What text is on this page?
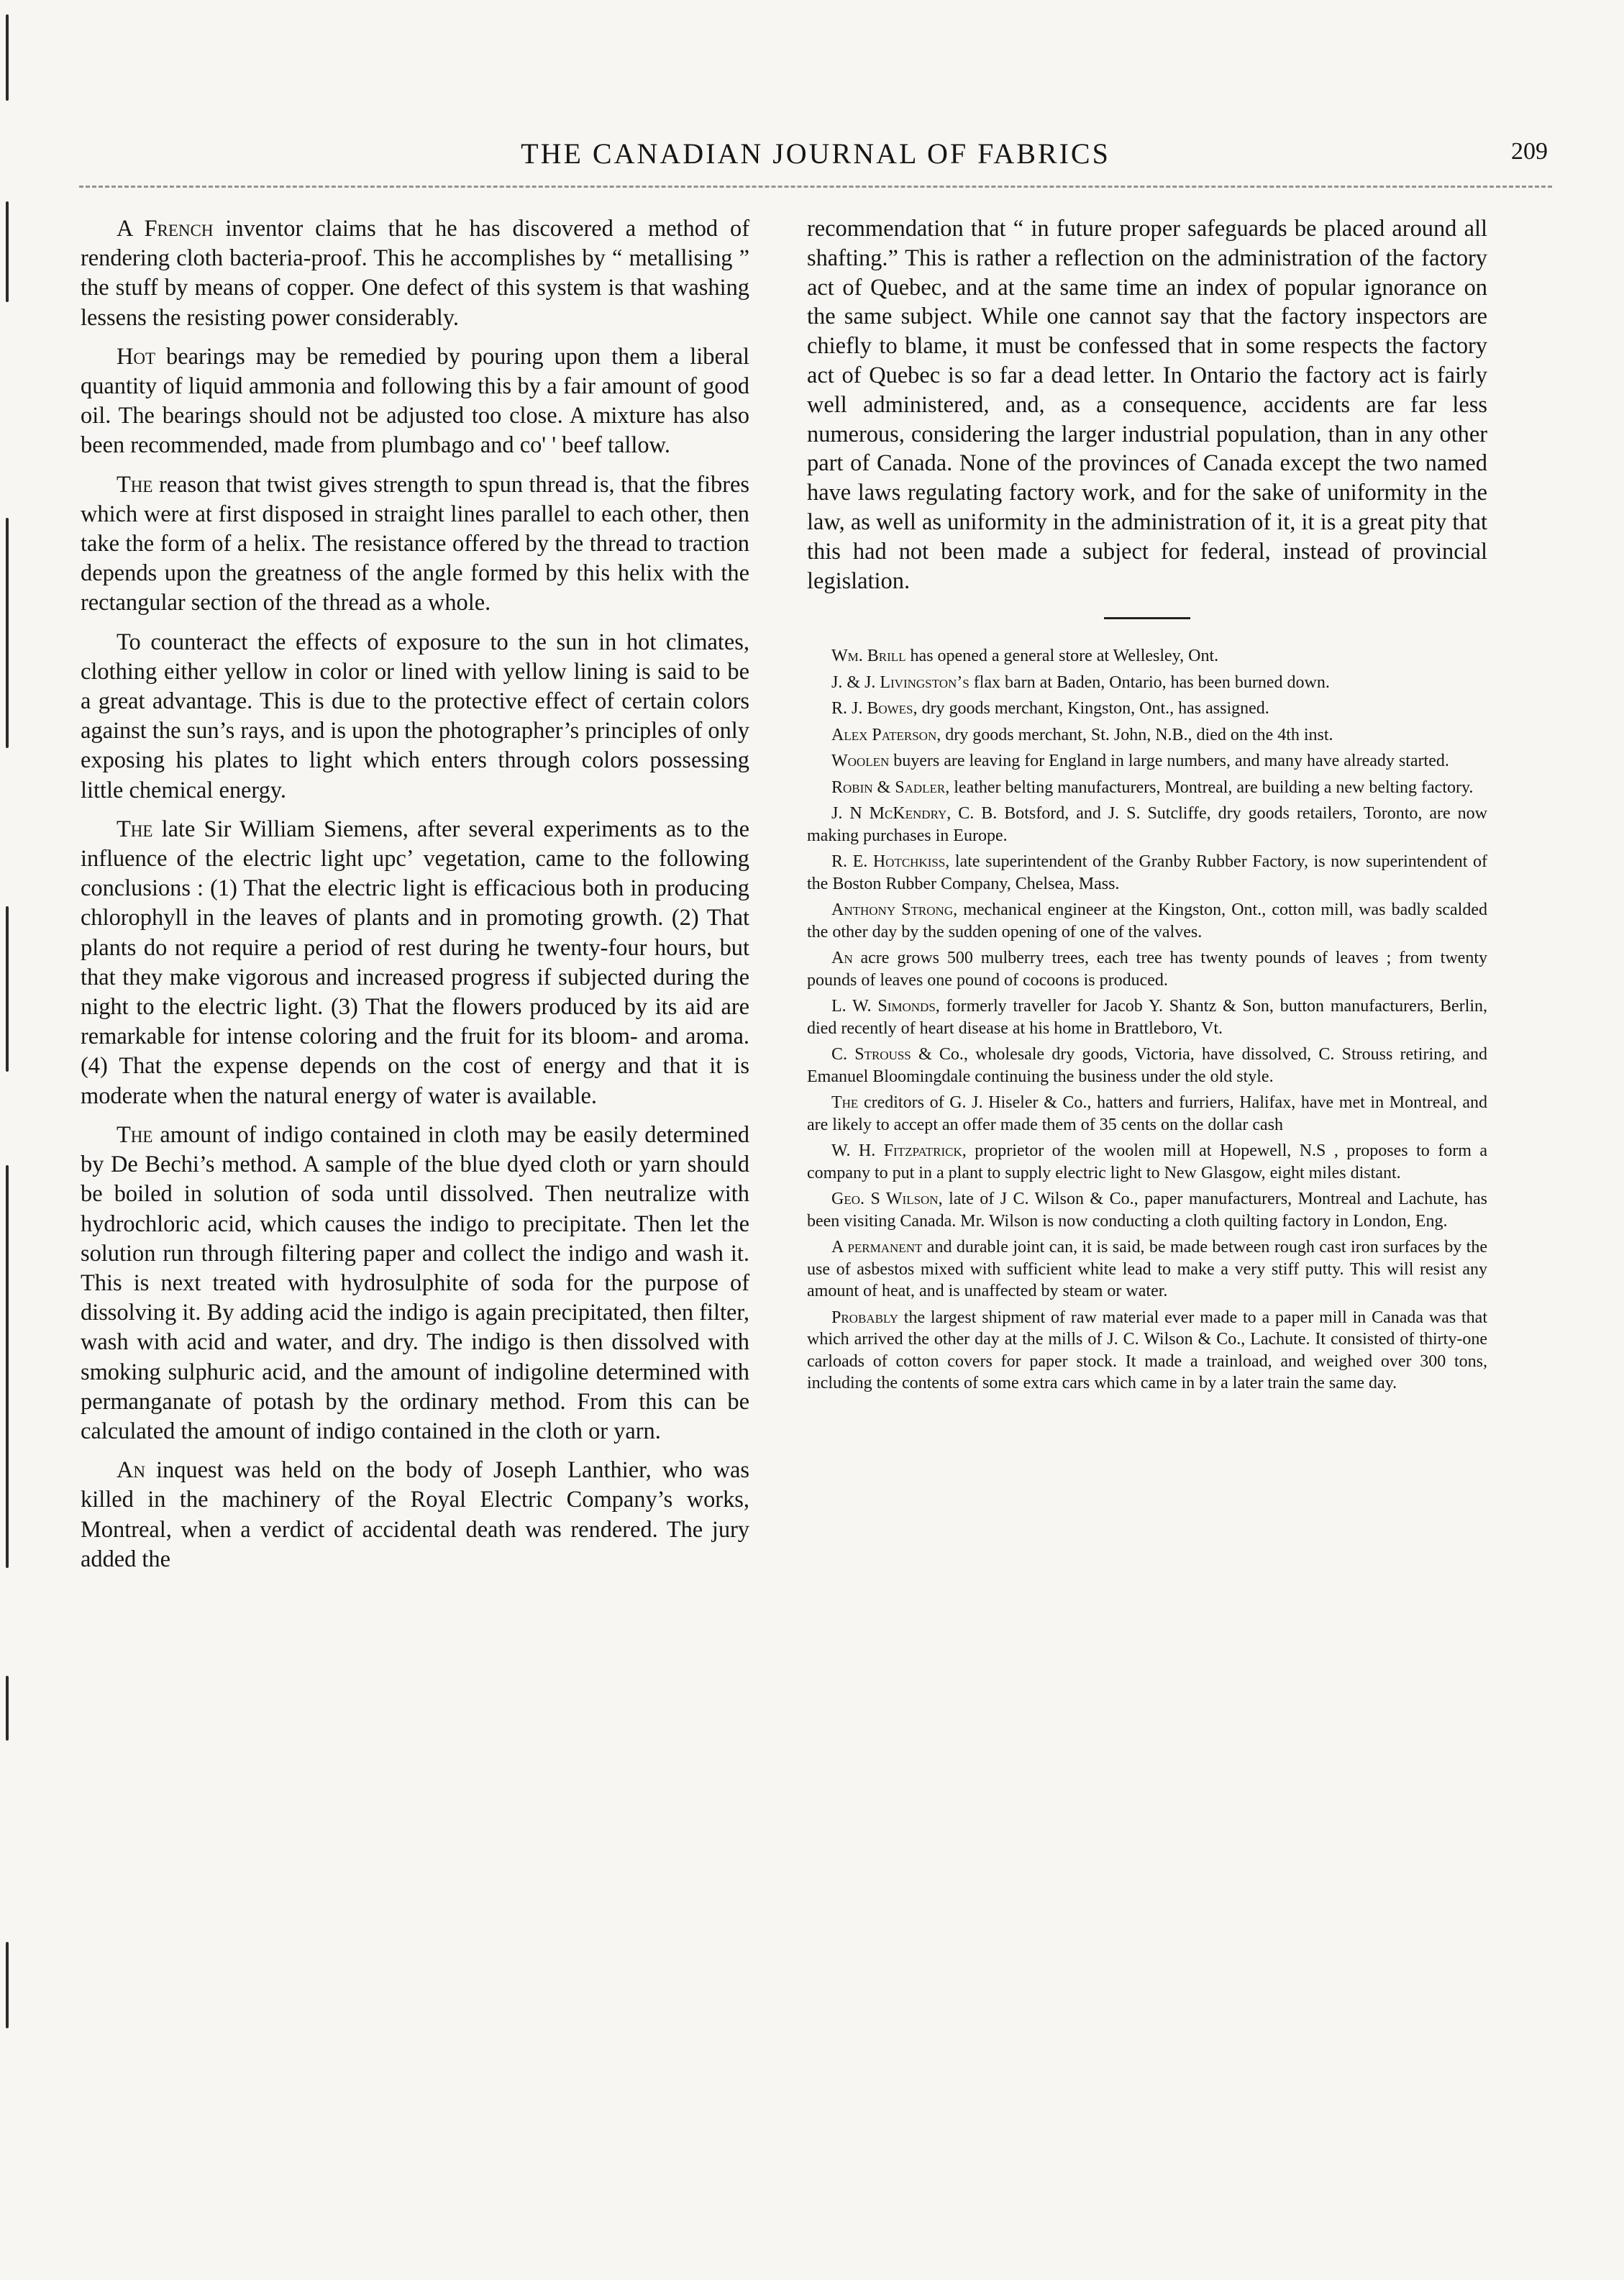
THE CANADIAN JOURNAL OF FABRICS	209

A French inventor claims that he has discovered a method of rendering cloth bacteria-proof. This he accomplishes by “ metallising ” the stuff by means of copper. One defect of this system is that washing lessens the resisting power considerably.

Hot bearings may be remedied by pouring upon them a liberal quantity of liquid ammonia and following this by a fair amount of good oil. The bearings should not be adjusted too close. A mixture has also been recommended, made from plumbago and co' ' beef tallow.

The reason that twist gives strength to spun thread is, that the fibres which were at first disposed in straight lines parallel to each other, then take the form of a helix. The resistance offered by the thread to traction depends upon the greatness of the angle formed by this helix with the rectangular section of the thread as a whole.

To counteract the effects of exposure to the sun in hot climates, clothing either yellow in color or lined with yellow lining is said to be a great advantage. This is due to the protective effect of certain colors against the sun’s rays, and is upon the photographer’s principles of only exposing his plates to light which enters through colors possessing little chemical energy.

The late Sir William Siemens, after several experiments as to the influence of the electric light upcʼ vegetation, came to the following conclusions : (1) That the electric light is efficacious both in producing chlorophyll in the leaves of plants and in promoting growth. (2) That plants do not require a period of rest during he twenty-four hours, but that they make vigorous and increased progress if subjected during the night to the electric light. (3) That the flowers produced by its aid are remarkable for intense coloring and the fruit for its bloom- and aroma. (4) That the expense depends on the cost of energy and that it is moderate when the natural energy of water is available.

The amount of indigo contained in cloth may be easily determined by De Bechi’s method. A sample of the blue dyed cloth or yarn should be boiled in solution of soda until dissolved. Then neutralize with hydrochloric acid, which causes the indigo to precipitate. Then let the solution run through filtering paper and collect the indigo and wash it. This is next treated with hydrosulphite of soda for the purpose of dissolving it. By adding acid the indigo is again precipitated, then filter, wash with acid and water, and dry. The indigo is then dissolved with smoking sulphuric acid, and the amount of indigoline determined with permanganate of potash by the ordinary method. From this can be calculated the amount of indigo contained in the cloth or yarn.

An inquest was held on the body of Joseph Lanthier, who was killed in the machinery of the Royal Electric Company’s works, Montreal, when a verdict of accidental death was rendered. The jury added the

recommendation that “ in future proper safeguards be placed around all shafting.” This is rather a reflection on the administration of the factory act of Quebec, and at the same time an index of popular ignorance on the same subject. While one cannot say that the factory inspectors are chiefly to blame, it must be confessed that in some respects the factory act of Quebec is so far a dead letter. In Ontario the factory act is fairly well administered, and, as a consequence, accidents are far less numerous, considering the larger industrial population, than in any other part of Canada. None of the provinces of Canada except the two named have laws regulating factory work, and for the sake of uniformity in the law, as well as uniformity in the administration of it, it is a great pity that this had not been made a subject for federal, instead of provincial legislation.

Wm. Brill has opened a general store at Wellesley, Ont.

J. & J. Livingston’s flax barn at Baden, Ontario, has been burned down.

R. J. Bowes, dry goods merchant, Kingston, Ont., has assigned.

Alex Paterson, dry goods merchant, St. John, N.B., died on the 4th inst.

Woolen buyers are leaving for England in large numbers, and many have already started.

Robin & Sadler, leather belting manufacturers, Montreal, are building a new belting factory.

J. N McKendry, C. B. Botsford, and J. S. Sutcliffe, dry goods retailers, Toronto, are now making purchases in Europe.

R. E. Hotchkiss, late superintendent of the Granby Rubber Factory, is now superintendent of the Boston Rubber Company, Chelsea, Mass.

Anthony Strong, mechanical engineer at the Kingston, Ont., cotton mill, was badly scalded the other day by the sudden opening of one of the valves.

An acre grows 500 mulberry trees, each tree has twenty pounds of leaves ; from twenty pounds of leaves one pound of cocoons is produced.

L. W. Simonds, formerly traveller for Jacob Y. Shantz & Son, button manufacturers, Berlin, died recently of heart disease at his home in Brattleboro, Vt.

C. Strouss & Co., wholesale dry goods, Victoria, have dissolved, C. Strouss retiring, and Emanuel Bloomingdale continuing the business under the old style.

The creditors of G. J. Hiseler & Co., hatters and furriers, Halifax, have met in Montreal, and are likely to accept an offer made them of 35 cents on the dollar cash

W. H. Fitzpatrick, proprietor of the woolen mill at Hopewell, N.S , proposes to form a company to put in a plant to supply electric light to New Glasgow, eight miles distant.

Geo. S Wilson, late of J C. Wilson & Co., paper manufacturers, Montreal and Lachute, has been visiting Canada. Mr. Wilson is now conducting a cloth quilting factory in London, Eng.

A permanent and durable joint can, it is said, be made between rough cast iron surfaces by the use of asbestos mixed with sufficient white lead to make a very stiff putty. This will resist any amount of heat, and is unaffected by steam or water.

Probably the largest shipment of raw material ever made to a paper mill in Canada was that which arrived the other day at the mills of J. C. Wilson & Co., Lachute. It consisted of thirty-one carloads of cotton covers for paper stock. It made a trainload, and weighed over 300 tons, including the contents of some extra cars which came in by a later train the same day.
